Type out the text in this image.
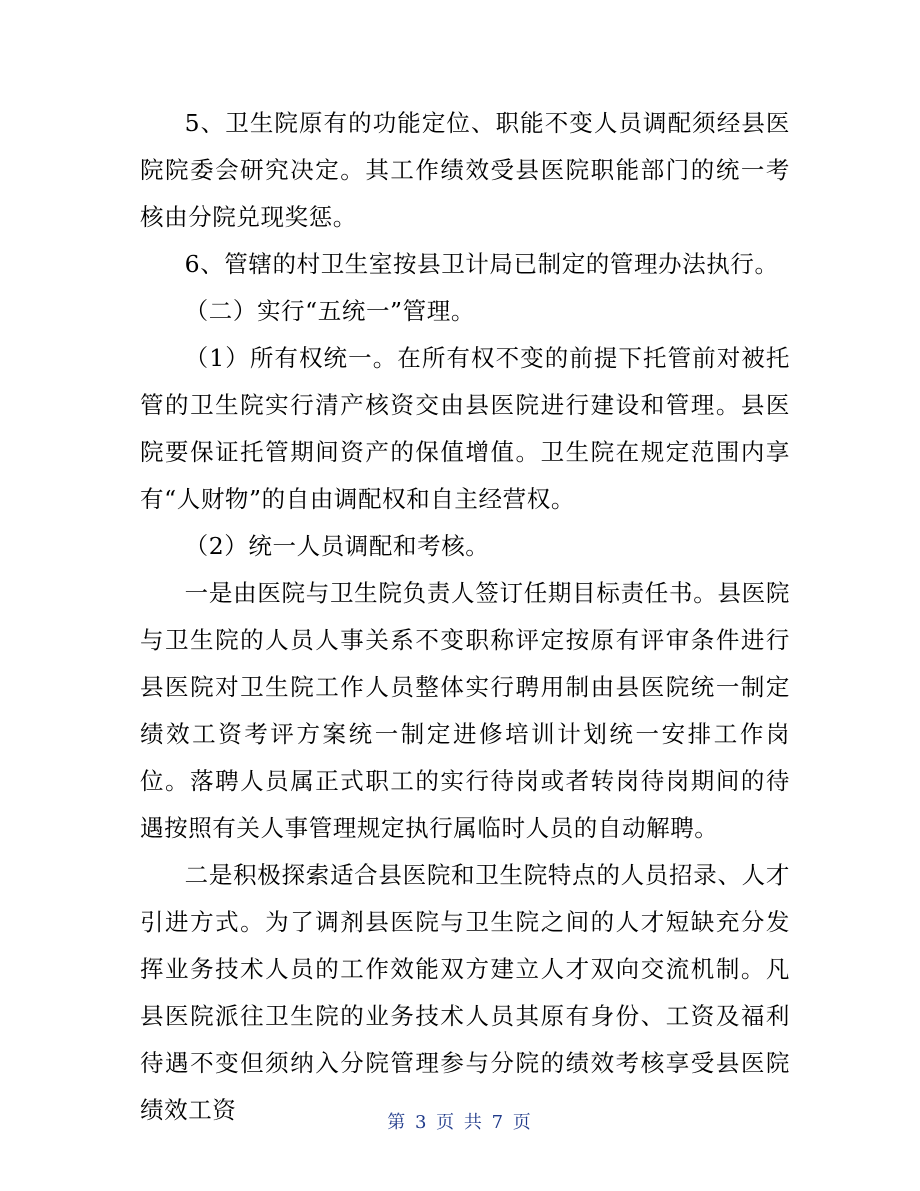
5、卫生院原有的功能定位、职能不变人员调配须经县医院院委会研究决定。其工作绩效受县医院职能部门的统一考核由分院兑现奖惩。

6、管辖的村卫生室按县卫计局已制定的管理办法执行。

（二）实行“五统一”管理。

（1）所有权统一。在所有权不变的前提下托管前对被托管的卫生院实行清产核资交由县医院进行建设和管理。县医院要保证托管期间资产的保值增值。卫生院在规定范围内享有“人财物”的自由调配权和自主经营权。

（2）统一人员调配和考核。

一是由医院与卫生院负责人签订任期目标责任书。县医院与卫生院的人员人事关系不变职称评定按原有评审条件进行县医院对卫生院工作人员整体实行聘用制由县医院统一制定绩效工资考评方案统一制定进修培训计划统一安排工作岗位。落聘人员属正式职工的实行待岗或者转岗待岗期间的待遇按照有关人事管理规定执行属临时人员的自动解聘。

二是积极探索适合县医院和卫生院特点的人员招录、人才引进方式。为了调剂县医院与卫生院之间的人才短缺充分发挥业务技术人员的工作效能双方建立人才双向交流机制。凡县医院派往卫生院的业务技术人员其原有身份、工资及福利待遇不变但须纳入分院管理参与分院的绩效考核享受县医院绩效工资	第 3 页 共 7 页
